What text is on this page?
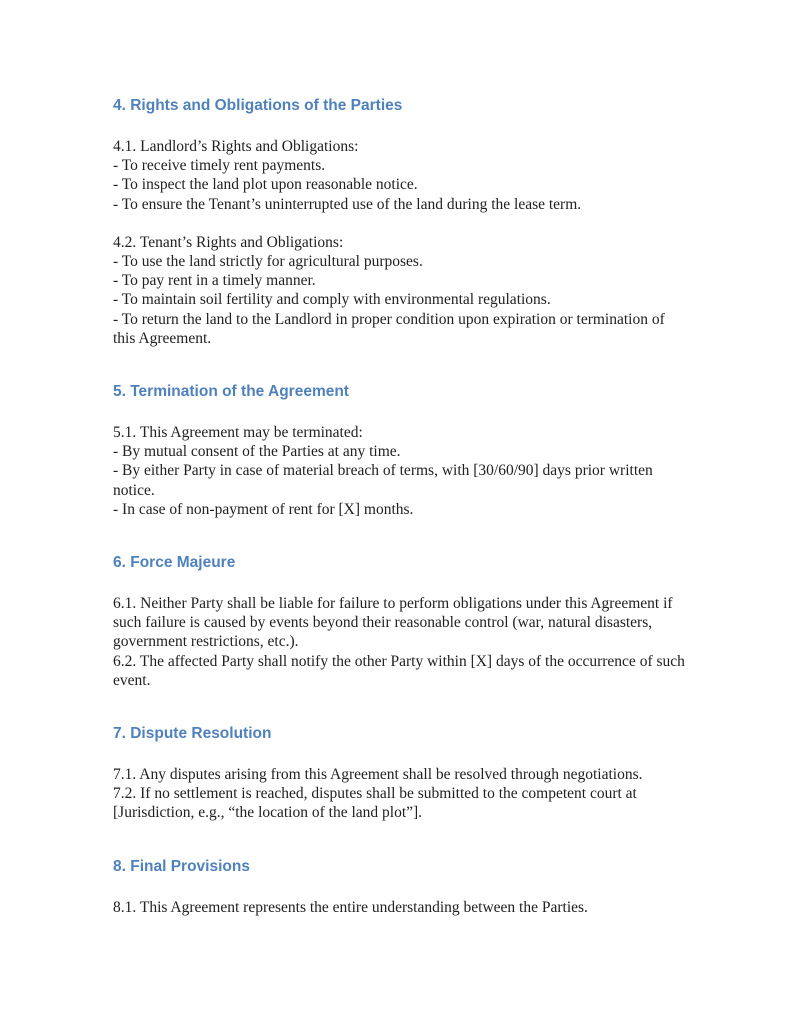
4. Rights and Obligations of the Parties
4.1. Landlord’s Rights and Obligations:
- To receive timely rent payments.
- To inspect the land plot upon reasonable notice.
- To ensure the Tenant’s uninterrupted use of the land during the lease term.
4.2. Tenant’s Rights and Obligations:
- To use the land strictly for agricultural purposes.
- To pay rent in a timely manner.
- To maintain soil fertility and comply with environmental regulations.
- To return the land to the Landlord in proper condition upon expiration or termination of
this Agreement.
5. Termination of the Agreement
5.1. This Agreement may be terminated:
- By mutual consent of the Parties at any time.
- By either Party in case of material breach of terms, with [30/60/90] days prior written
notice.
- In case of non-payment of rent for [X] months.
6. Force Majeure
6.1. Neither Party shall be liable for failure to perform obligations under this Agreement if
such failure is caused by events beyond their reasonable control (war, natural disasters,
government restrictions, etc.).
6.2. The affected Party shall notify the other Party within [X] days of the occurrence of such
event.
7. Dispute Resolution
7.1. Any disputes arising from this Agreement shall be resolved through negotiations.
7.2. If no settlement is reached, disputes shall be submitted to the competent court at
[Jurisdiction, e.g., “the location of the land plot”].
8. Final Provisions
8.1. This Agreement represents the entire understanding between the Parties.
